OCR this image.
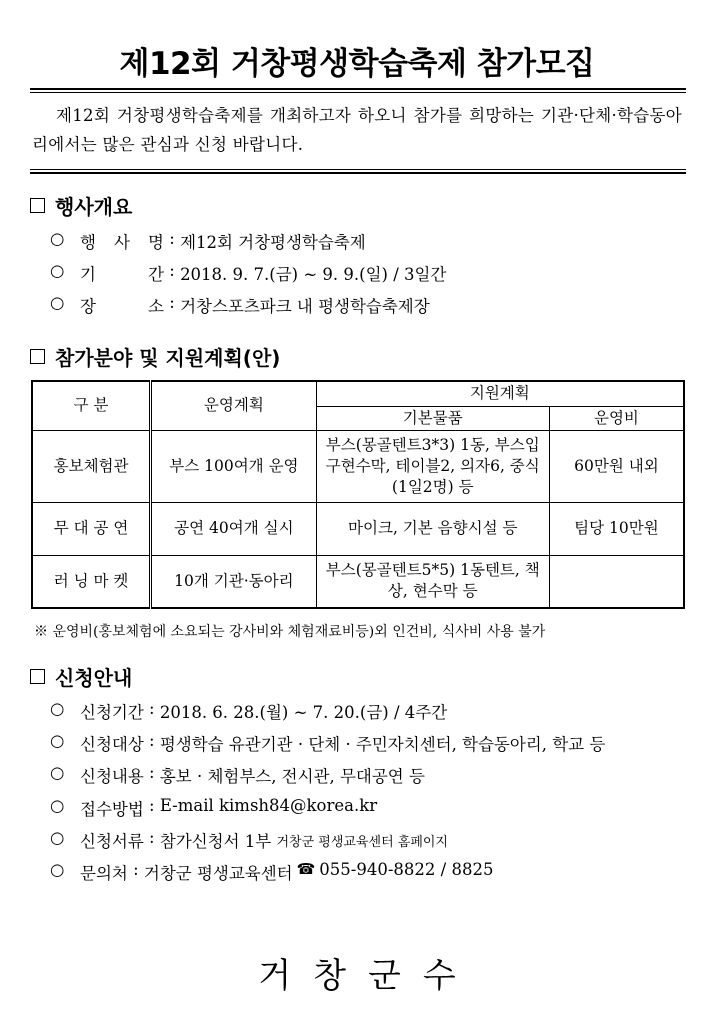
제12회 거창평생학습축제 참가모집
제12회 거창평생학습축제를 개최하고자 하오니 참가를 희망하는 기관·단체·학습동아리에서는 많은 관심과 신청 바랍니다.
행사개요
○ 행 사 명 : 제12회 거창평생학습축제
○ 기	간 : 2018. 9. 7.(금) ~ 9. 9.(일) / 3일간
○ 장	소 : 거창스포츠파크 내 평생학습축제장
참가분야 및 지원계획(안)
구 분	운영계획	지원계획	
		기본물품	운영비
홍보체험관	부스 100여개 운영	부스(몽골텐트3*3) 1동, 부스입구현수막, 테이블2, 의자6, 중식(1일2명) 등	60만원 내외
무 대 공 연	공연 40여개 실시	마이크, 기본 음향시설 등	팀당 10만원
러 닝 마 켓	10개 기관·동아리	부스(몽골텐트5*5) 1동텐트, 책상, 현수막 등	
※ 운영비(홍보체험에 소요되는 강사비와 체험재료비등)외 인건비, 식사비 사용 불가
신청안내
○ 신청기간 : 2018. 6. 28.(월) ~ 7. 20.(금) / 4주간
○ 신청대상 : 평생학습 유관기관 · 단체 · 주민자치센터, 학습동아리, 학교 등
○ 신청내용 : 홍보 · 체험부스, 전시관, 무대공연 등
○ 접수방법 : E-mail kimsh84@korea.kr
○ 신청서류 : 참가신청서 1부
거창군 평생교육센터 홈페이지
○ 문의처 : 거창군 평생교육센터 ☎ 055-940-8822 / 8825
거창군수
